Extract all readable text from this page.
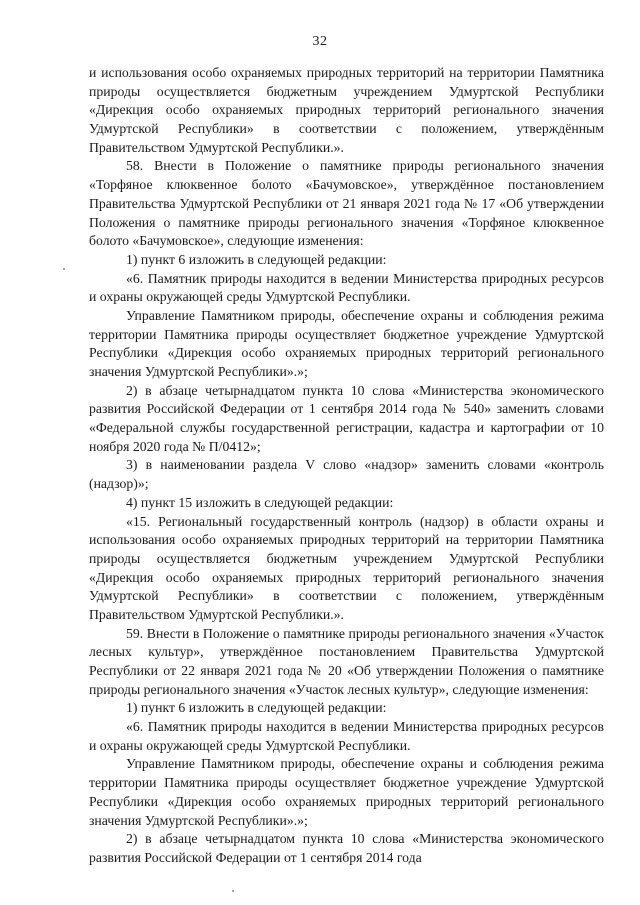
32

и использования особо охраняемых природных территорий на территории Памятника природы осуществляется бюджетным учреждением Удмуртской Республики «Дирекция особо охраняемых природных территорий регионального значения Удмуртской Республики» в соответствии с положением, утверждённым Правительством Удмуртской Республики.».

58. Внести в Положение о памятнике природы регионального значения «Торфяное клюквенное болото «Бачумовское», утверждённое постановлением Правительства Удмуртской Республики от 21 января 2021 года № 17 «Об утверждении Положения о памятнике природы регионального значения «Торфяное клюквенное болото «Бачумовское», следующие изменения:

1) пункт 6 изложить в следующей редакции:

«6. Памятник природы находится в ведении Министерства природных ресурсов и охраны окружающей среды Удмуртской Республики.

Управление Памятником природы, обеспечение охраны и соблюдения режима территории Памятника природы осуществляет бюджетное учреждение Удмуртской Республики «Дирекция особо охраняемых природных территорий регионального значения Удмуртской Республики».»;

2) в абзаце четырнадцатом пункта 10 слова «Министерства экономического развития Российской Федерации от 1 сентября 2014 года № 540» заменить словами «Федеральной службы государственной регистрации, кадастра и картографии от 10 ноября 2020 года № П/0412»;

3) в наименовании раздела V слово «надзор» заменить словами «контроль (надзор)»;

4) пункт 15 изложить в следующей редакции:

«15. Региональный государственный контроль (надзор) в области охраны и использования особо охраняемых природных территорий на территории Памятника природы осуществляется бюджетным учреждением Удмуртской Республики «Дирекция особо охраняемых природных территорий регионального значения Удмуртской Республики» в соответствии с положением, утверждённым Правительством Удмуртской Республики.».

59. Внести в Положение о памятнике природы регионального значения «Участок лесных культур», утверждённое постановлением Правительства Удмуртской Республики от 22 января 2021 года № 20 «Об утверждении Положения о памятнике природы регионального значения «Участок лесных культур», следующие изменения:

1) пункт 6 изложить в следующей редакции:

«6. Памятник природы находится в ведении Министерства природных ресурсов и охраны окружающей среды Удмуртской Республики.

Управление Памятником природы, обеспечение охраны и соблюдения режима территории Памятника природы осуществляет бюджетное учреждение Удмуртской Республики «Дирекция особо охраняемых природных территорий регионального значения Удмуртской Республики».»;

2) в абзаце четырнадцатом пункта 10 слова «Министерства экономического развития Российской Федерации от 1 сентября 2014 года
